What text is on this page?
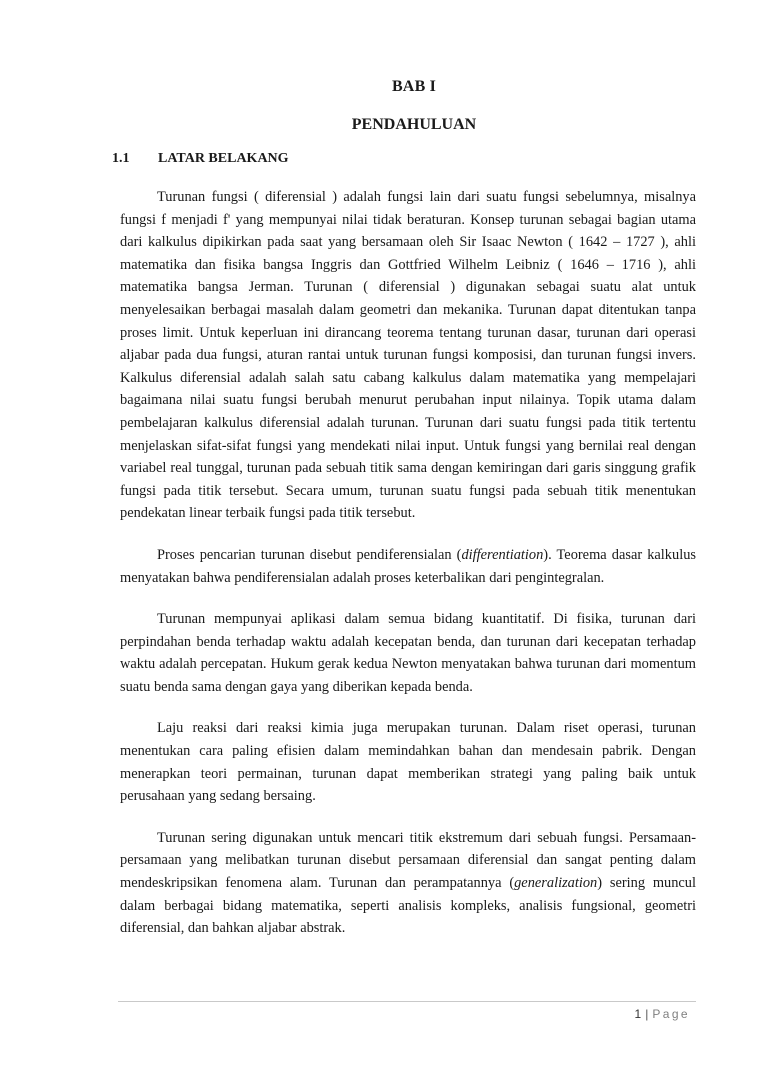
BAB I
PENDAHULUAN
1.1 LATAR BELAKANG

Turunan fungsi ( diferensial ) adalah fungsi lain dari suatu fungsi sebelumnya, misalnya fungsi f menjadi f' yang mempunyai nilai tidak beraturan. Konsep turunan sebagai bagian utama dari kalkulus dipikirkan pada saat yang bersamaan oleh Sir Isaac Newton ( 1642 – 1727 ), ahli matematika dan fisika bangsa Inggris dan Gottfried Wilhelm Leibniz ( 1646 – 1716 ), ahli matematika bangsa Jerman. Turunan ( diferensial ) digunakan sebagai suatu alat untuk menyelesaikan berbagai masalah dalam geometri dan mekanika. Turunan dapat ditentukan tanpa proses limit. Untuk keperluan ini dirancang teorema tentang turunan dasar, turunan dari operasi aljabar pada dua fungsi, aturan rantai untuk turunan fungsi komposisi, dan turunan fungsi invers. Kalkulus diferensial adalah salah satu cabang kalkulus dalam matematika yang mempelajari bagaimana nilai suatu fungsi berubah menurut perubahan input nilainya. Topik utama dalam pembelajaran kalkulus diferensial adalah turunan. Turunan dari suatu fungsi pada titik tertentu menjelaskan sifat-sifat fungsi yang mendekati nilai input. Untuk fungsi yang bernilai real dengan variabel real tunggal, turunan pada sebuah titik sama dengan kemiringan dari garis singgung grafik fungsi pada titik tersebut. Secara umum, turunan suatu fungsi pada sebuah titik menentukan pendekatan linear terbaik fungsi pada titik tersebut.

Proses pencarian turunan disebut pendiferensialan (differentiation). Teorema dasar kalkulus menyatakan bahwa pendiferensialan adalah proses keterbalikan dari pengintegralan.

Turunan mempunyai aplikasi dalam semua bidang kuantitatif. Di fisika, turunan dari perpindahan benda terhadap waktu adalah kecepatan benda, dan turunan dari kecepatan terhadap waktu adalah percepatan. Hukum gerak kedua Newton menyatakan bahwa turunan dari momentum suatu benda sama dengan gaya yang diberikan kepada benda.

Laju reaksi dari reaksi kimia juga merupakan turunan. Dalam riset operasi, turunan menentukan cara paling efisien dalam memindahkan bahan dan mendesain pabrik. Dengan menerapkan teori permainan, turunan dapat memberikan strategi yang paling baik untuk perusahaan yang sedang bersaing.

Turunan sering digunakan untuk mencari titik ekstremum dari sebuah fungsi. Persamaan-persamaan yang melibatkan turunan disebut persamaan diferensial dan sangat penting dalam mendeskripsikan fenomena alam. Turunan dan perampatannya (generalization) sering muncul dalam berbagai bidang matematika, seperti analisis kompleks, analisis fungsional, geometri diferensial, dan bahkan aljabar abstrak.

1 | Page
